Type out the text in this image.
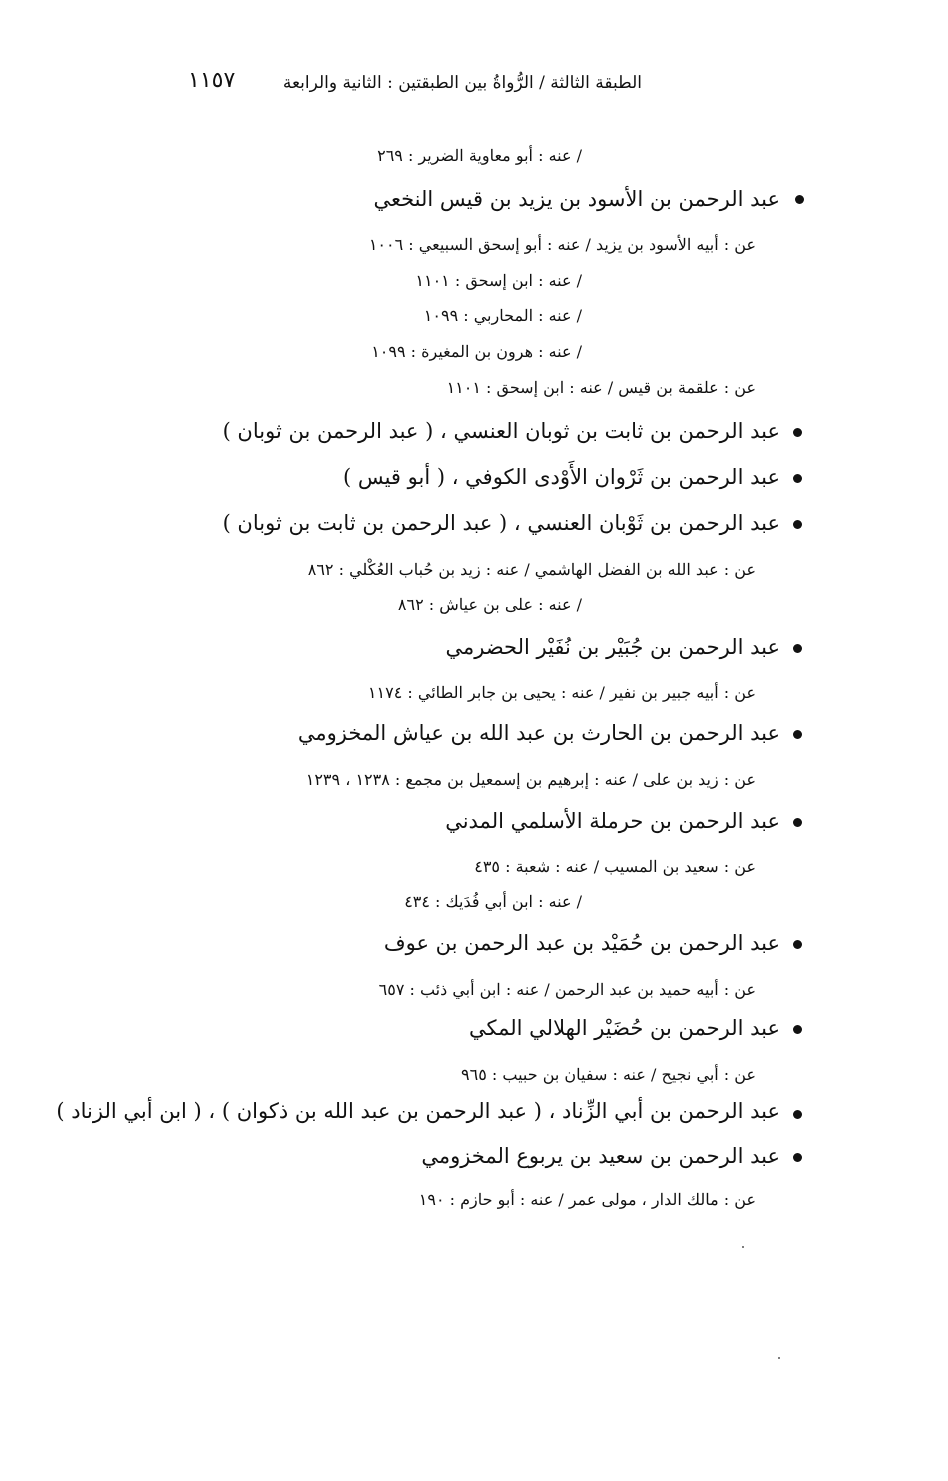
١١٥٧	الطبقة الثالثة / الرُّواةُ بين الطبقتين : الثانية والرابعة
/ عنه : أبو معاوية الضرير : ٢٦٩
عبد الرحمن بن الأسود بن يزيد بن قيس النخعي
عن : أبيه الأسود بن يزيد / عنه : أبو إسحق السبيعي : ١٠٠٦
/ عنه : ابن إسحق : ١١٠١
/ عنه : المحاربي : ١٠٩٩
/ عنه : هرون بن المغيرة : ١٠٩٩
عن : علقمة بن قيس / عنه : ابن إسحق : ١١٠١
عبد الرحمن بن ثابت بن ثوبان العنسي ، ( عبد الرحمن بن ثوبان )
عبد الرحمن بن ثَرْوان الأَوْدى الكوفي ، ( أبو قيس )
عبد الرحمن بن ثَوْبان العنسي ، ( عبد الرحمن بن ثابت بن ثوبان )
عن : عبد الله بن الفضل الهاشمي / عنه : زيد بن حُباب العُكْلي : ٨٦٢
/ عنه : على بن عياش : ٨٦٢
عبد الرحمن بن جُبَيْر بن نُفَيْر الحضرمي
عن : أبيه جبير بن نفير / عنه : يحيى بن جابر الطائي : ١١٧٤
عبد الرحمن بن الحارث بن عبد الله بن عياش المخزومي
عن : زيد بن على / عنه : إبرهيم بن إسمعيل بن مجمع : ١٢٣٨ ، ١٢٣٩
عبد الرحمن بن حرملة الأسلمي المدني
عن : سعيد بن المسيب / عنه : شعبة : ٤٣٥
/ عنه : ابن أبي فُدَيك : ٤٣٤
عبد الرحمن بن حُمَيْد بن عبد الرحمن بن عوف
عن : أبيه حميد بن عبد الرحمن / عنه : ابن أبي ذئب : ٦٥٧
عبد الرحمن بن حُضَيْر الهلالي المكي
عن : أبي نجيح / عنه : سفيان بن حبيب : ٩٦٥
عبد الرحمن بن أبي الزِّناد ، ( عبد الرحمن بن عبد الله بن ذكوان ) ، ( ابن أبي الزناد )
عبد الرحمن بن سعيد بن يربوع المخزومي
عن : مالك الدار ، مولى عمر / عنه : أبو حازم : ١٩٠
